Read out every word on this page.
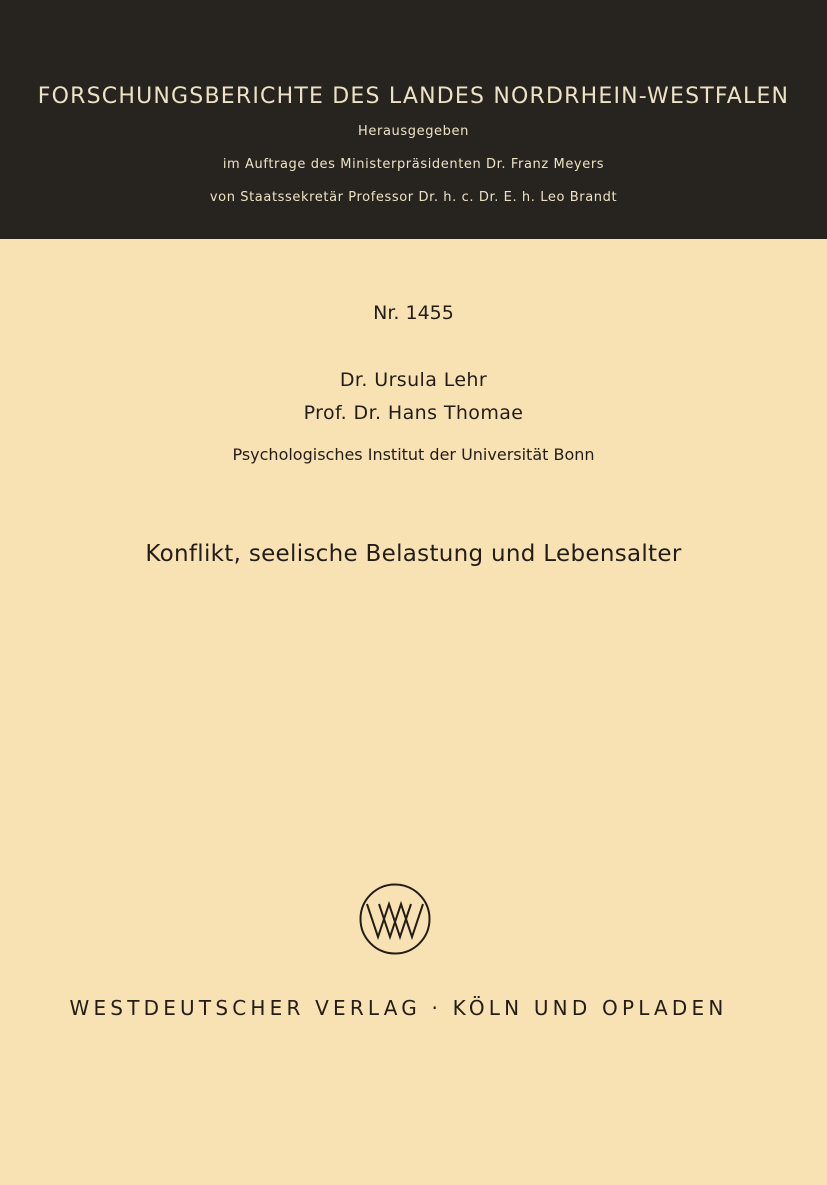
FORSCHUNGSBERICHTE DES LANDES NORDRHEIN-WESTFALEN
Herausgegeben
im Auftrage des Ministerpräsidenten Dr. Franz Meyers
von Staatssekretär Professor Dr. h. c. Dr. E. h. Leo Brandt
Nr. 1455
Dr. Ursula Lehr
Prof. Dr. Hans Thomae
Psychologisches Institut der Universität Bonn
Konflikt, seelische Belastung und Lebensalter
WESTDEUTSCHER VERLAG · KÖLN UND OPLADEN
